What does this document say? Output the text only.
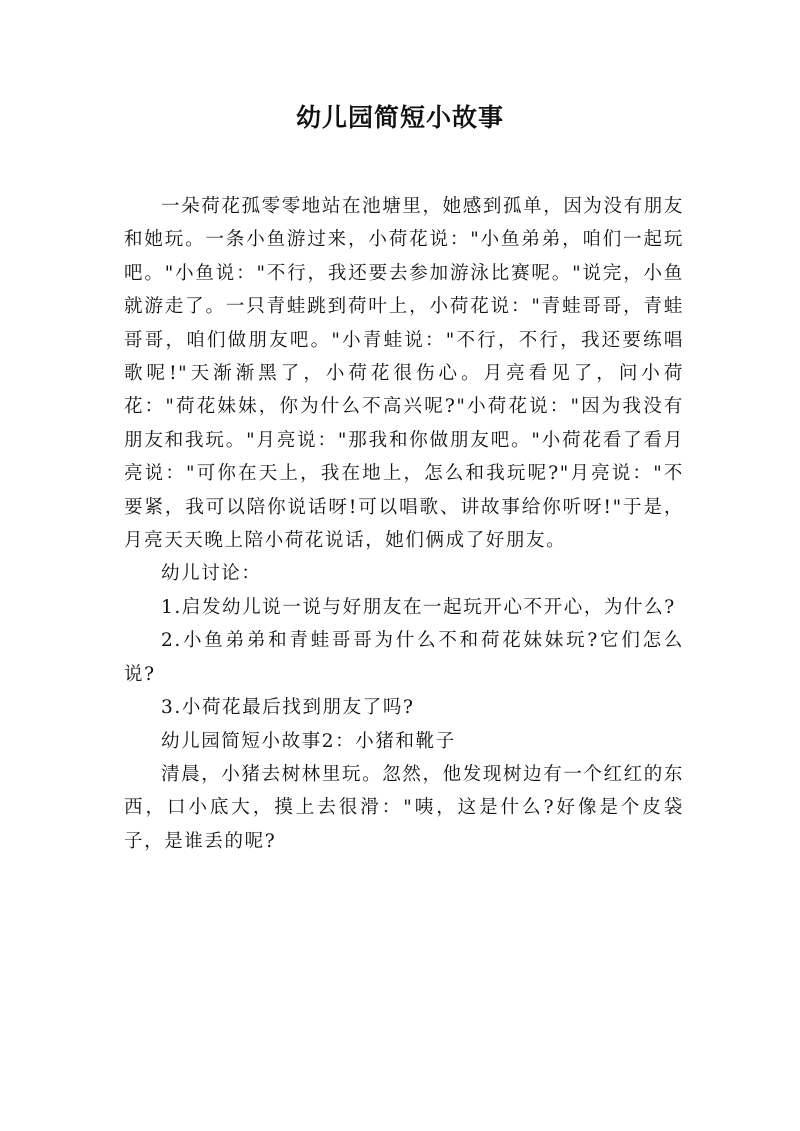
幼儿园简短小故事

一朵荷花孤零零地站在池塘里，她感到孤单，因为没有朋友和她玩。一条小鱼游过来，小荷花说："小鱼弟弟，咱们一起玩吧。"小鱼说："不行，我还要去参加游泳比赛呢。"说完，小鱼就游走了。一只青蛙跳到荷叶上，小荷花说："青蛙哥哥，青蛙哥哥，咱们做朋友吧。"小青蛙说："不行，不行，我还要练唱歌呢!"天渐渐黑了，小荷花很伤心。月亮看见了，问小荷花："荷花妹妹，你为什么不高兴呢?"小荷花说："因为我没有朋友和我玩。"月亮说："那我和你做朋友吧。"小荷花看了看月亮说："可你在天上，我在地上，怎么和我玩呢?"月亮说："不要紧，我可以陪你说话呀!可以唱歌、讲故事给你听呀!"于是，月亮天天晚上陪小荷花说话，她们俩成了好朋友。

幼儿讨论：

1.启发幼儿说一说与好朋友在一起玩开心不开心，为什么?

2.小鱼弟弟和青蛙哥哥为什么不和荷花妹妹玩?它们怎么说?

3.小荷花最后找到朋友了吗?

幼儿园简短小故事2：小猪和靴子

清晨，小猪去树林里玩。忽然，他发现树边有一个红红的东西，口小底大，摸上去很滑："咦，这是什么?好像是个皮袋子，是谁丢的呢?
